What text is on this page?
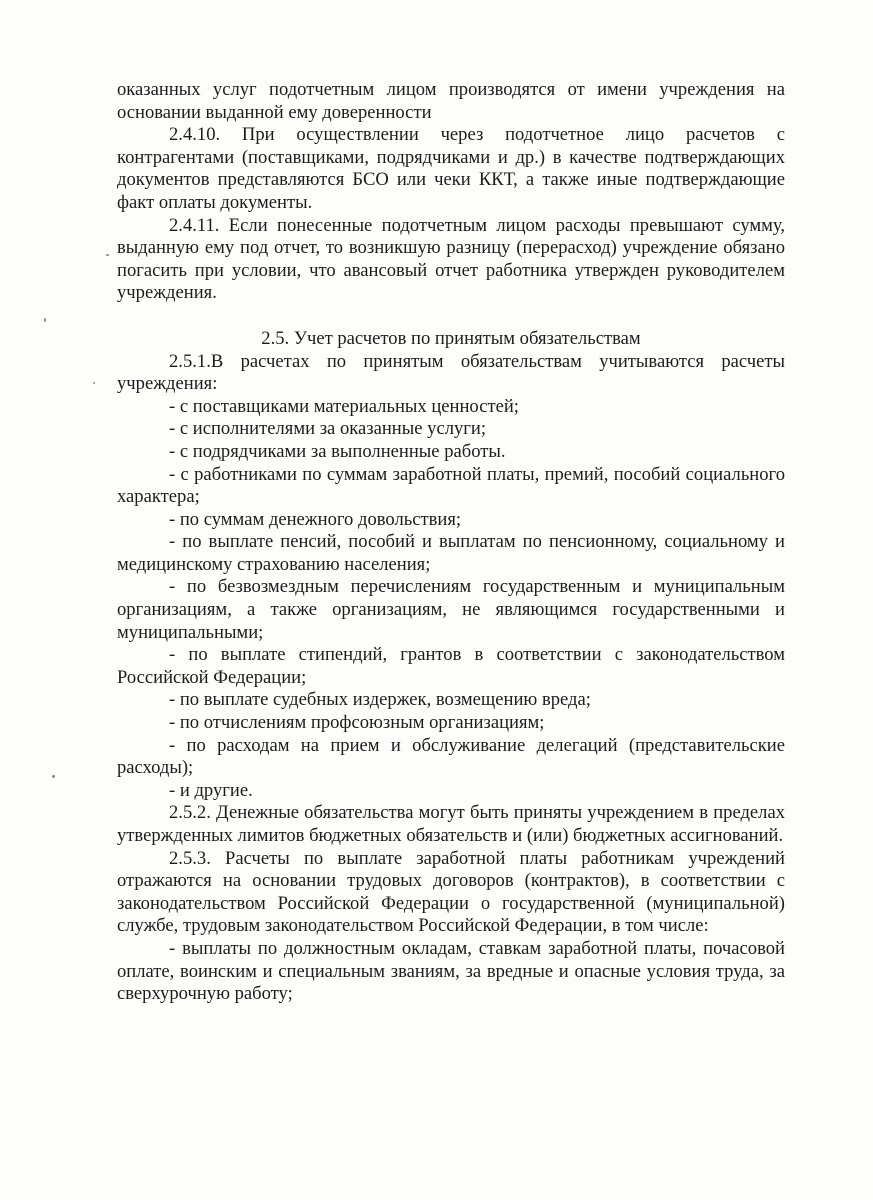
оказанных услуг подотчетным лицом производятся от имени учреждения на основании выданной ему доверенности

2.4.10. При осуществлении через подотчетное лицо расчетов с контрагентами (поставщиками, подрядчиками и др.) в качестве подтверждающих документов представляются БСО или чеки ККТ, а также иные подтверждающие факт оплаты документы.

2.4.11. Если понесенные подотчетным лицом расходы превышают сумму, выданную ему под отчет, то возникшую разницу (перерасход) учреждение обязано погасить при условии, что авансовый отчет работника утвержден руководителем учреждения.

2.5. Учет расчетов по принятым обязательствам

2.5.1.В расчетах по принятым обязательствам учитываются расчеты учреждения:

- с поставщиками материальных ценностей;

- с исполнителями за оказанные услуги;

- с подрядчиками за выполненные работы.

- с работниками по суммам заработной платы, премий, пособий социального характера;

- по суммам денежного довольствия;

- по выплате пенсий, пособий и выплатам по пенсионному, социальному и медицинскому страхованию населения;

- по безвозмездным перечислениям государственным и муниципальным организациям, а также организациям, не являющимся государственными и муниципальными;

- по выплате стипендий, грантов в соответствии с законодательством Российской Федерации;

- по выплате судебных издержек, возмещению вреда;

- по отчислениям профсоюзным организациям;

- по расходам на прием и обслуживание делегаций (представительские расходы);

- и другие.

2.5.2. Денежные обязательства могут быть приняты учреждением в пределах утвержденных лимитов бюджетных обязательств и (или) бюджетных ассигнований.

2.5.3. Расчеты по выплате заработной платы работникам учреждений отражаются на основании трудовых договоров (контрактов), в соответствии с законодательством Российской Федерации о государственной (муниципальной) службе, трудовым законодательством Российской Федерации, в том числе:

- выплаты по должностным окладам, ставкам заработной платы, почасовой оплате, воинским и специальным званиям, за вредные и опасные условия труда, за сверхурочную работу;
